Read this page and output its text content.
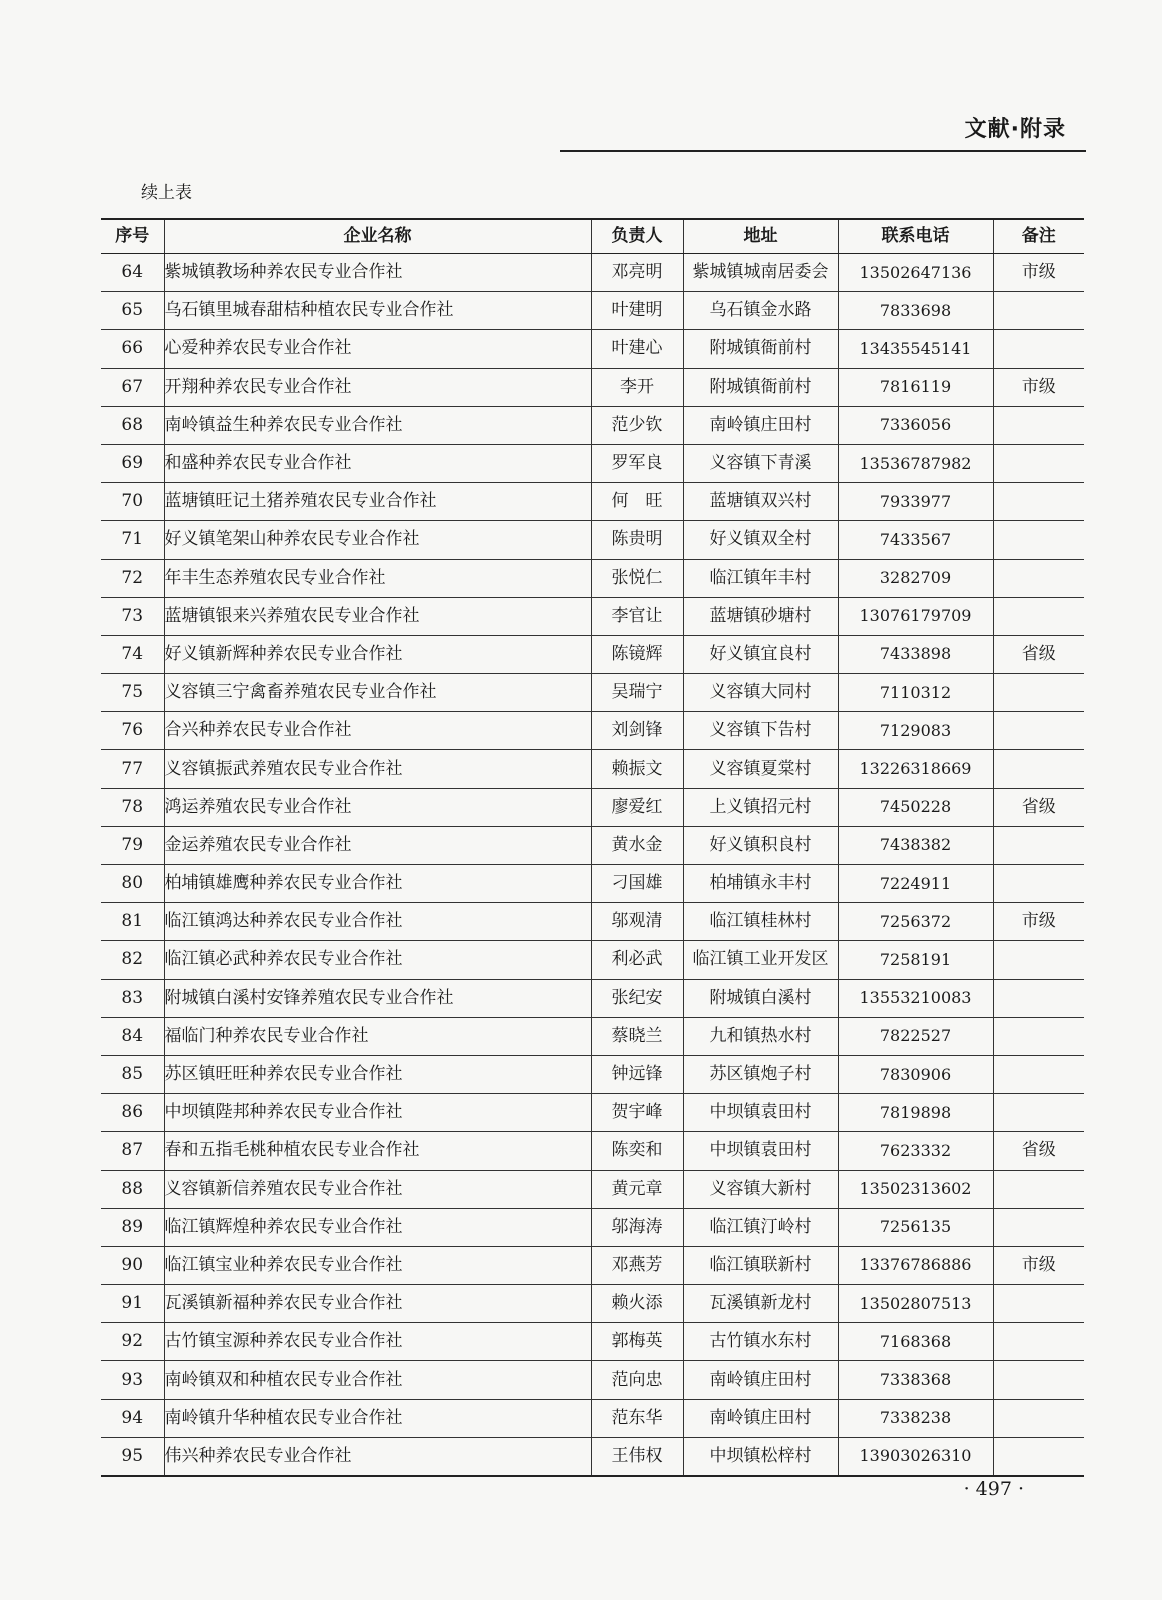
文献·附录
续上表
序号	企业名称	负责人	地址	联系电话	备注
64	紫城镇教场种养农民专业合作社	邓亮明	紫城镇城南居委会	13502647136	市级
65	乌石镇里城春甜桔种植农民专业合作社	叶建明	乌石镇金水路	7833698	
66	心爱种养农民专业合作社	叶建心	附城镇衙前村	13435545141	
67	开翔种养农民专业合作社	李开	附城镇衙前村	7816119	市级
68	南岭镇益生种养农民专业合作社	范少钦	南岭镇庄田村	7336056	
69	和盛种养农民专业合作社	罗军良	义容镇下青溪	13536787982	
70	蓝塘镇旺记土猪养殖农民专业合作社	何　旺	蓝塘镇双兴村	7933977	
71	好义镇笔架山种养农民专业合作社	陈贵明	好义镇双全村	7433567	
72	年丰生态养殖农民专业合作社	张悦仁	临江镇年丰村	3282709	
73	蓝塘镇银来兴养殖农民专业合作社	李官让	蓝塘镇砂塘村	13076179709	
74	好义镇新辉种养农民专业合作社	陈镜辉	好义镇宜良村	7433898	省级
75	义容镇三宁禽畜养殖农民专业合作社	吴瑞宁	义容镇大同村	7110312	
76	合兴种养农民专业合作社	刘剑锋	义容镇下告村	7129083	
77	义容镇振武养殖农民专业合作社	赖振文	义容镇夏棠村	13226318669	
78	鸿运养殖农民专业合作社	廖爱红	上义镇招元村	7450228	省级
79	金运养殖农民专业合作社	黄水金	好义镇积良村	7438382	
80	柏埔镇雄鹰种养农民专业合作社	刁国雄	柏埔镇永丰村	7224911	
81	临江镇鸿达种养农民专业合作社	邬观清	临江镇桂林村	7256372	市级
82	临江镇必武种养农民专业合作社	利必武	临江镇工业开发区	7258191	
83	附城镇白溪村安锋养殖农民专业合作社	张纪安	附城镇白溪村	13553210083	
84	福临门种养农民专业合作社	蔡晓兰	九和镇热水村	7822527	
85	苏区镇旺旺种养农民专业合作社	钟远锋	苏区镇炮子村	7830906	
86	中坝镇陛邦种养农民专业合作社	贺宇峰	中坝镇袁田村	7819898	
87	春和五指毛桃种植农民专业合作社	陈奕和	中坝镇袁田村	7623332	省级
88	义容镇新信养殖农民专业合作社	黄元章	义容镇大新村	13502313602	
89	临江镇辉煌种养农民专业合作社	邬海涛	临江镇汀岭村	7256135	
90	临江镇宝业种养农民专业合作社	邓燕芳	临江镇联新村	13376786886	市级
91	瓦溪镇新福种养农民专业合作社	赖火添	瓦溪镇新龙村	13502807513	
92	古竹镇宝源种养农民专业合作社	郭梅英	古竹镇水东村	7168368	
93	南岭镇双和种植农民专业合作社	范向忠	南岭镇庄田村	7338368	
94	南岭镇升华种植农民专业合作社	范东华	南岭镇庄田村	7338238	
95	伟兴种养农民专业合作社	王伟权	中坝镇松梓村	13903026310	
· 497 ·
